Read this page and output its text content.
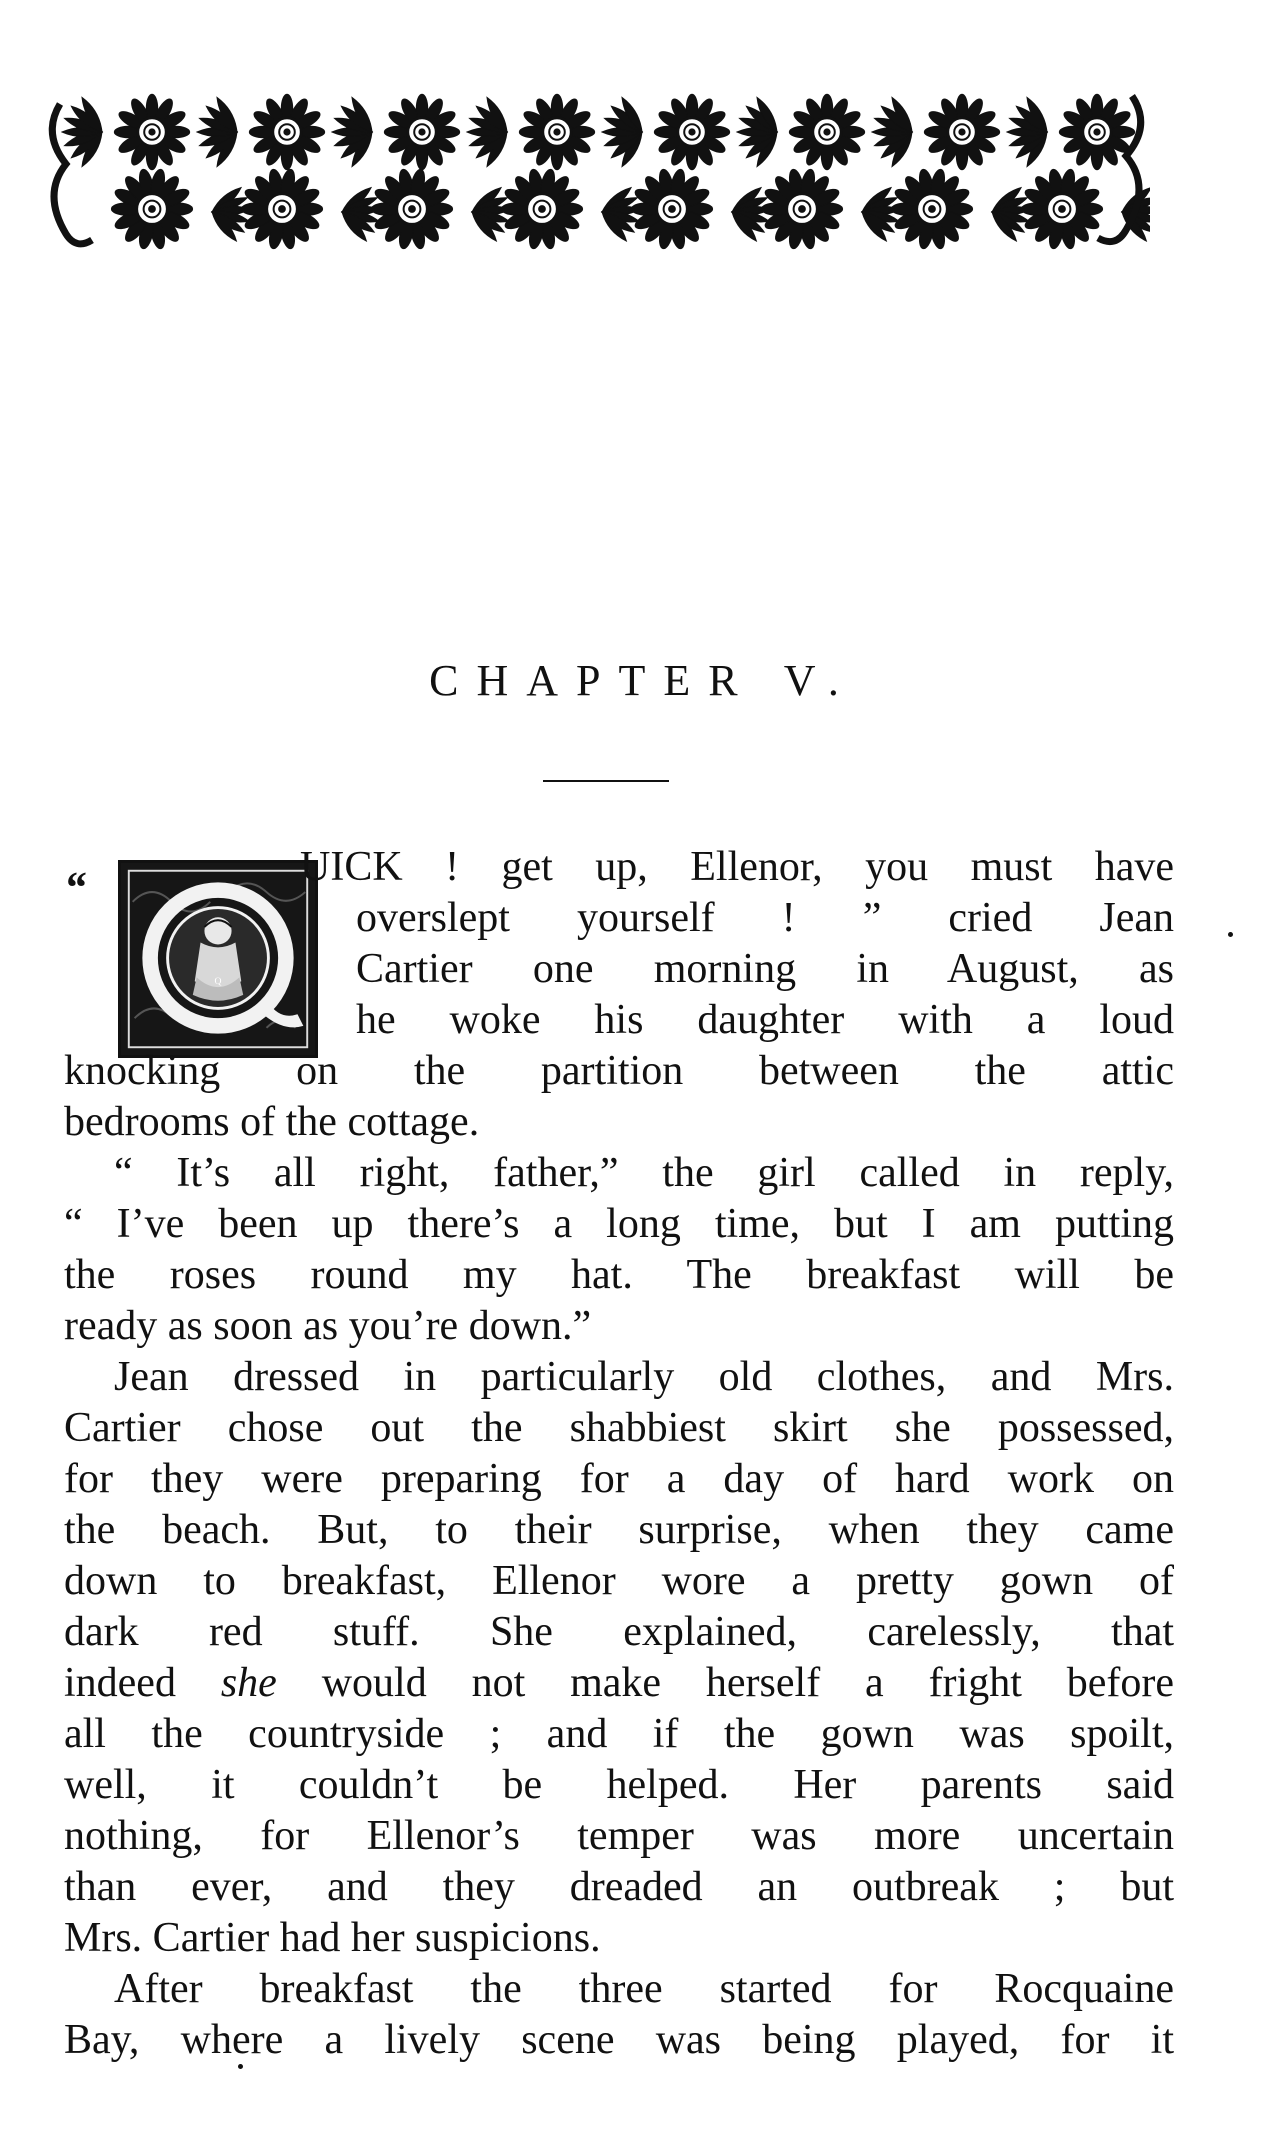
CHAPTER V.
“
Q
UICK ! get up, Ellenor, you must have
overslept yourself ! ” cried Jean
Cartier one morning in August, as
he woke his daughter with a loud
knocking on the partition between the attic
bedrooms of the cottage.
“ It’s all right, father,” the girl called in reply,
“ I’ve been up there’s a long time, but I am putting
the roses round my hat. The breakfast will be
ready as soon as you’re down.”
Jean dressed in particularly old clothes, and Mrs.
Cartier chose out the shabbiest skirt she possessed,
for they were preparing for a day of hard work on
the beach. But, to their surprise, when they came
down to breakfast, Ellenor wore a pretty gown of
dark red stuff. She explained, carelessly, that
indeed she would not make herself a fright before
all the countryside ; and if the gown was spoilt,
well, it couldn’t be helped. Her parents said
nothing, for Ellenor’s temper was more uncertain
than ever, and they dreaded an outbreak ; but
Mrs. Cartier had her suspicions.
After breakfast the three started for Rocquaine
Bay, where a lively scene was being played, for it
